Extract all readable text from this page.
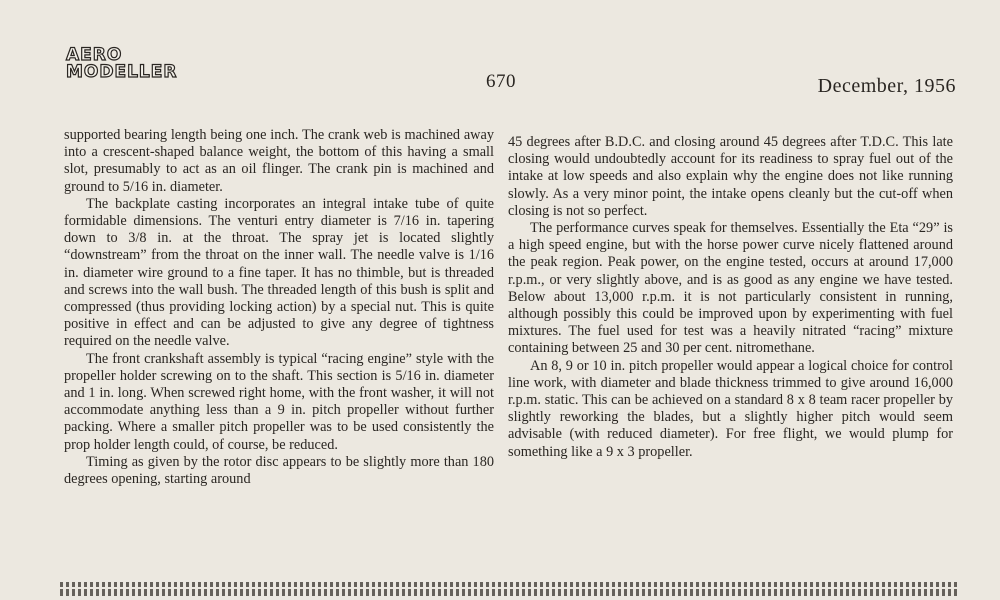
AERO
MODELLER	670	December, 1956

supported bearing length being one inch. The crank web is machined away into a crescent-shaped balance weight, the bottom of this having a small slot, presumably to act as an oil flinger. The crank pin is machined and ground to 5/16 in. diameter.

The backplate casting incorporates an integral intake tube of quite formidable dimensions. The venturi entry diameter is 7/16 in. tapering down to 3/8 in. at the throat. The spray jet is located slightly “downstream” from the throat on the inner wall. The needle valve is 1/16 in. diameter wire ground to a fine taper. It has no thimble, but is threaded and screws into the wall bush. The threaded length of this bush is split and compressed (thus providing locking action) by a special nut. This is quite positive in effect and can be adjusted to give any degree of tightness required on the needle valve.

The front crankshaft assembly is typical “racing engine” style with the propeller holder screwing on to the shaft. This section is 5/16 in. diameter and 1 in. long. When screwed right home, with the front washer, it will not accommodate anything less than a 9 in. pitch propeller without further packing. Where a smaller pitch propeller was to be used consistently the prop holder length could, of course, be reduced.

Timing as given by the rotor disc appears to be slightly more than 180 degrees opening, starting around

45 degrees after B.D.C. and closing around 45 degrees after T.D.C. This late closing would undoubtedly account for its readiness to spray fuel out of the intake at low speeds and also explain why the engine does not like running slowly. As a very minor point, the intake opens cleanly but the cut-off when closing is not so perfect.

The performance curves speak for themselves. Essentially the Eta “29” is a high speed engine, but with the horse power curve nicely flattened around the peak region. Peak power, on the engine tested, occurs at around 17,000 r.p.m., or very slightly above, and is as good as any engine we have tested. Below about 13,000 r.p.m. it is not particularly consistent in running, although possibly this could be improved upon by experimenting with fuel mixtures. The fuel used for test was a heavily nitrated “racing” mixture containing between 25 and 30 per cent. nitromethane.

An 8, 9 or 10 in. pitch propeller would appear a logical choice for control line work, with diameter and blade thickness trimmed to give around 16,000 r.p.m. static. This can be achieved on a standard 8 x 8 team racer propeller by slightly reworking the blades, but a slightly higher pitch would seem advisable (with reduced diameter). For free flight, we would plump for something like a 9 x 3 propeller.
